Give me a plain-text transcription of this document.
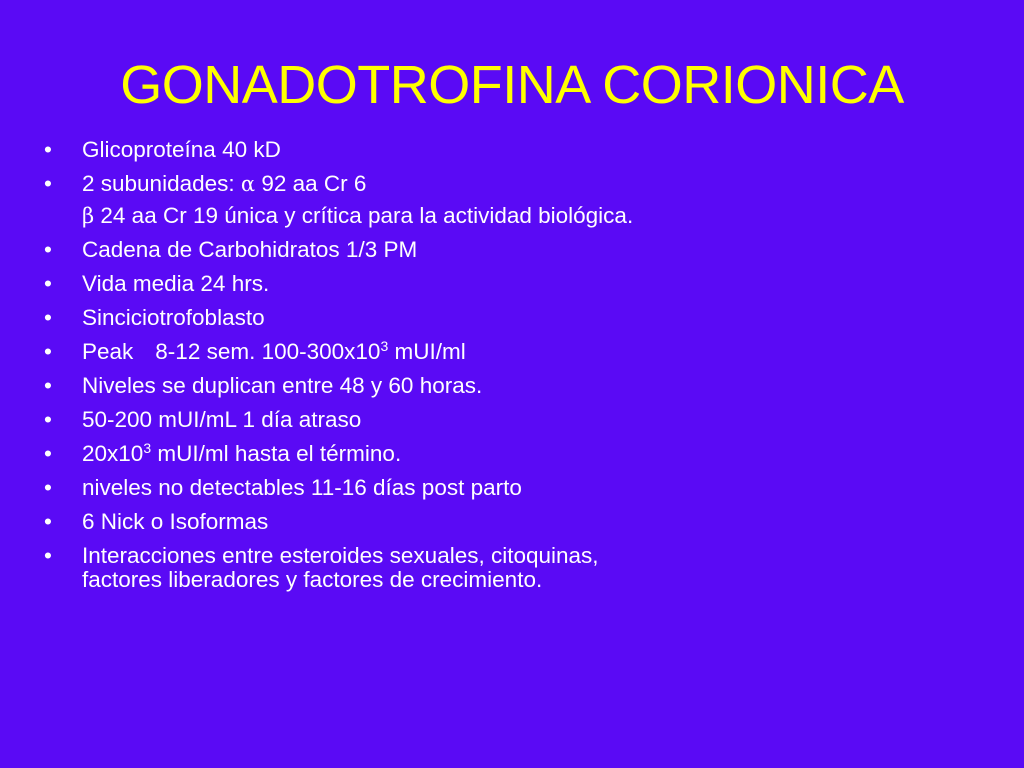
GONADOTROFINA CORIONICA
• Glicoproteína 40 kD
• 2 subunidades: α 92 aa Cr 6
β 24 aa Cr 19 única y crítica para la actividad biológica.
• Cadena de Carbohidratos 1/3 PM
• Vida media 24 hrs.
• Sinciciotrofoblasto
• Peak 8-12 sem. $100-300x10^3$ mUI/ml
• Niveles se duplican entre 48 y 60 horas.
• 50-200 mUI/mL 1 día atraso
• $20x10^3$ mUI/ml hasta el término.
• niveles no detectables 11-16 días post parto
• 6 Nick o Isoformas
• Interacciones entre esteroides sexuales, citoquinas, factores liberadores y factores de crecimiento.
